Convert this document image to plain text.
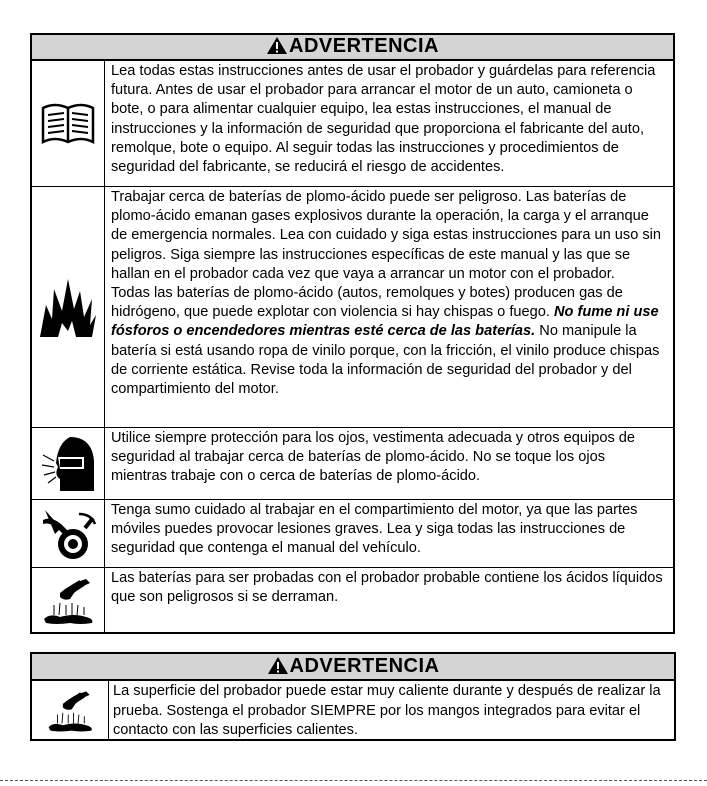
ADVERTENCIA
Lea todas estas instrucciones antes de usar el probador y guárdelas para referencia futura. Antes de usar el probador para arrancar el motor de un auto, camioneta o bote, o para alimentar cualquier equipo, lea estas instrucciones, el manual de instrucciones y la información de seguridad que proporciona el fabricante del auto, remolque, bote o equipo. Al seguir todas las instrucciones y procedimientos de seguridad del fabricante, se reducirá el riesgo de accidentes.
Trabajar cerca de baterías de plomo-ácido puede ser peligroso. Las baterías de plomo-ácido emanan gases explosivos durante la operación, la carga y el arranque de emergencia normales. Lea con cuidado y siga estas instrucciones para un uso sin peligros. Siga siempre las instrucciones específicas de este manual y las que se hallan en el probador cada vez que vaya a arrancar un motor con el probador.
Todas las baterías de plomo-ácido (autos, remolques y botes) producen gas de hidrógeno, que puede explotar con violencia si hay chispas o fuego. No fume ni use fósforos o encendedores mientras esté cerca de las baterías. No manipule la batería si está usando ropa de vinilo porque, con la fricción, el vinilo produce chispas de corriente estática. Revise toda la información de seguridad del probador y del compartimiento del motor.
Utilice siempre protección para los ojos, vestimenta adecuada y otros equipos de seguridad al trabajar cerca de baterías de plomo-ácido. No se toque los ojos mientras trabaje con o cerca de baterías de plomo-ácido.
Tenga sumo cuidado al trabajar en el compartimiento del motor, ya que las partes móviles puedes provocar lesiones graves. Lea y siga todas las instrucciones de seguridad que contenga el manual del vehículo.
Las baterías para ser probadas con el probador probable contiene los ácidos líquidos que son peligrosos si se derraman.
ADVERTENCIA
La superficie del probador puede estar muy caliente durante y después de realizar la prueba. Sostenga el probador SIEMPRE por los mangos integrados para evitar el contacto con las superficies calientes.
